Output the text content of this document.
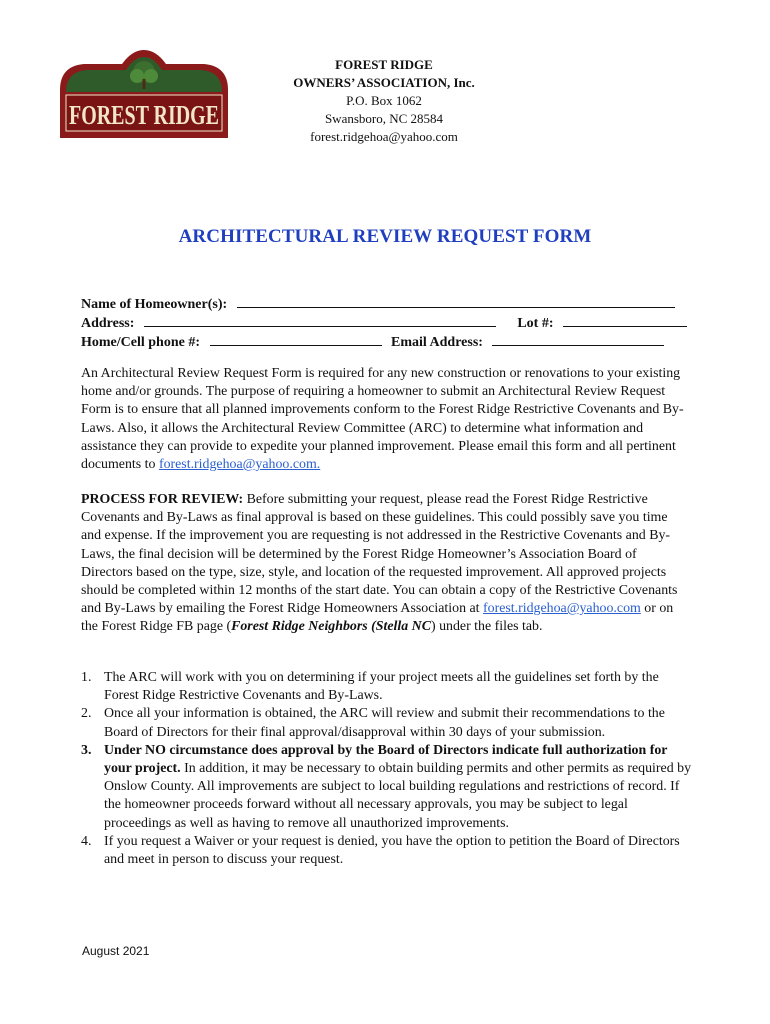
FOREST RIDGE
FOREST RIDGE
OWNERS’ ASSOCIATION, Inc.
P.O. Box 1062
Swansboro, NC 28584
forest.ridgehoa@yahoo.com
ARCHITECTURAL REVIEW REQUEST FORM
Name of Homeowner(s):
Address:	Lot #:
Home/Cell phone #:	Email Address:
An Architectural Review Request Form is required for any new construction or renovations to your existing home and/or grounds. The purpose of requiring a homeowner to submit an Architectural Review Request Form is to ensure that all planned improvements conform to the Forest Ridge Restrictive Covenants and By-Laws. Also, it allows the Architectural Review Committee (ARC) to determine what information and assistance they can provide to expedite your planned improvement. Please email this form and all pertinent documents to forest.ridgehoa@yahoo.com.
PROCESS FOR REVIEW: Before submitting your request, please read the Forest Ridge Restrictive Covenants and By-Laws as final approval is based on these guidelines. This could possibly save you time and expense. If the improvement you are requesting is not addressed in the Restrictive Covenants and By-Laws, the final decision will be determined by the Forest Ridge Homeowner’s Association Board of Directors based on the type, size, style, and location of the requested improvement. All approved projects should be completed within 12 months of the start date. You can obtain a copy of the Restrictive Covenants and By-Laws by emailing the Forest Ridge Homeowners Association at forest.ridgehoa@yahoo.com or on the Forest Ridge FB page (Forest Ridge Neighbors (Stella NC) under the files tab.
1. The ARC will work with you on determining if your project meets all the guidelines set forth by the Forest Ridge Restrictive Covenants and By-Laws.
2. Once all your information is obtained, the ARC will review and submit their recommendations to the Board of Directors for their final approval/disapproval within 30 days of your submission.
3. Under NO circumstance does approval by the Board of Directors indicate full authorization for your project. In addition, it may be necessary to obtain building permits and other permits as required by Onslow County. All improvements are subject to local building regulations and restrictions of record. If the homeowner proceeds forward without all necessary approvals, you may be subject to legal proceedings as well as having to remove all unauthorized improvements.
4. If you request a Waiver or your request is denied, you have the option to petition the Board of Directors and meet in person to discuss your request.
August 2021
